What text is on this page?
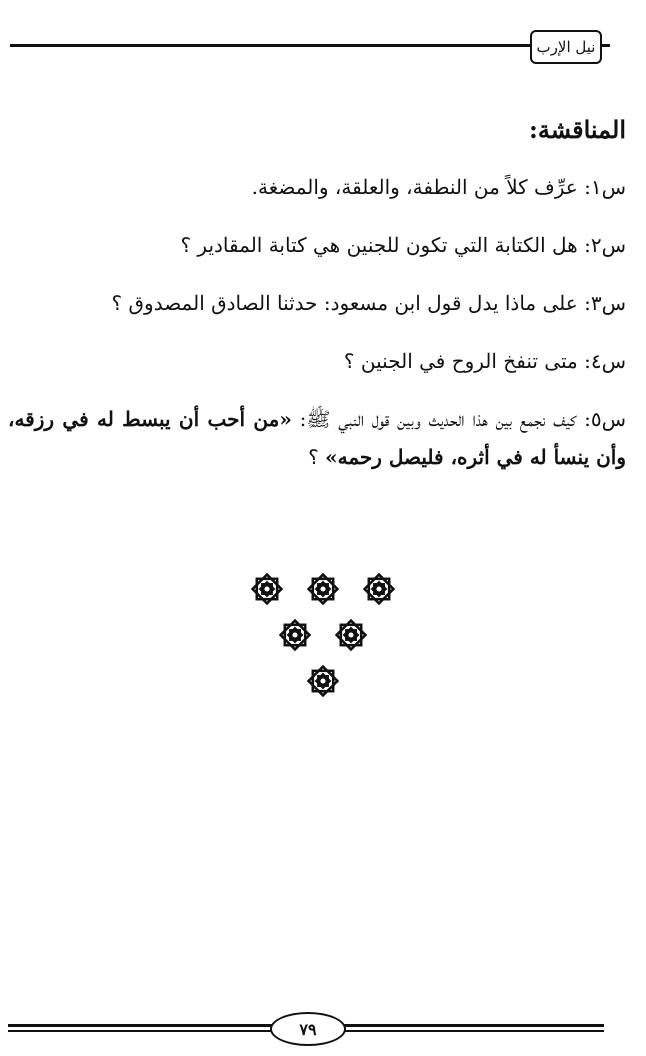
نيل الإرب
المناقشة:

س١: عرِّف كلاً من النطفة، والعلقة، والمضغة.

س٢: هل الكتابة التي تكون للجنين هي كتابة المقادير ؟

س٣: على ماذا يدل قول ابن مسعود: حدثنا الصادق المصدوق ؟

س٤: متى تنفخ الروح في الجنين ؟

س٥: كيف نجمع بين هذا الحديث وبين قول النبي ﷺ: «من أحب أن يبسط له في رزقه، وأن ينسأ له في أثره، فليصل رحمه» ؟

٧٩
